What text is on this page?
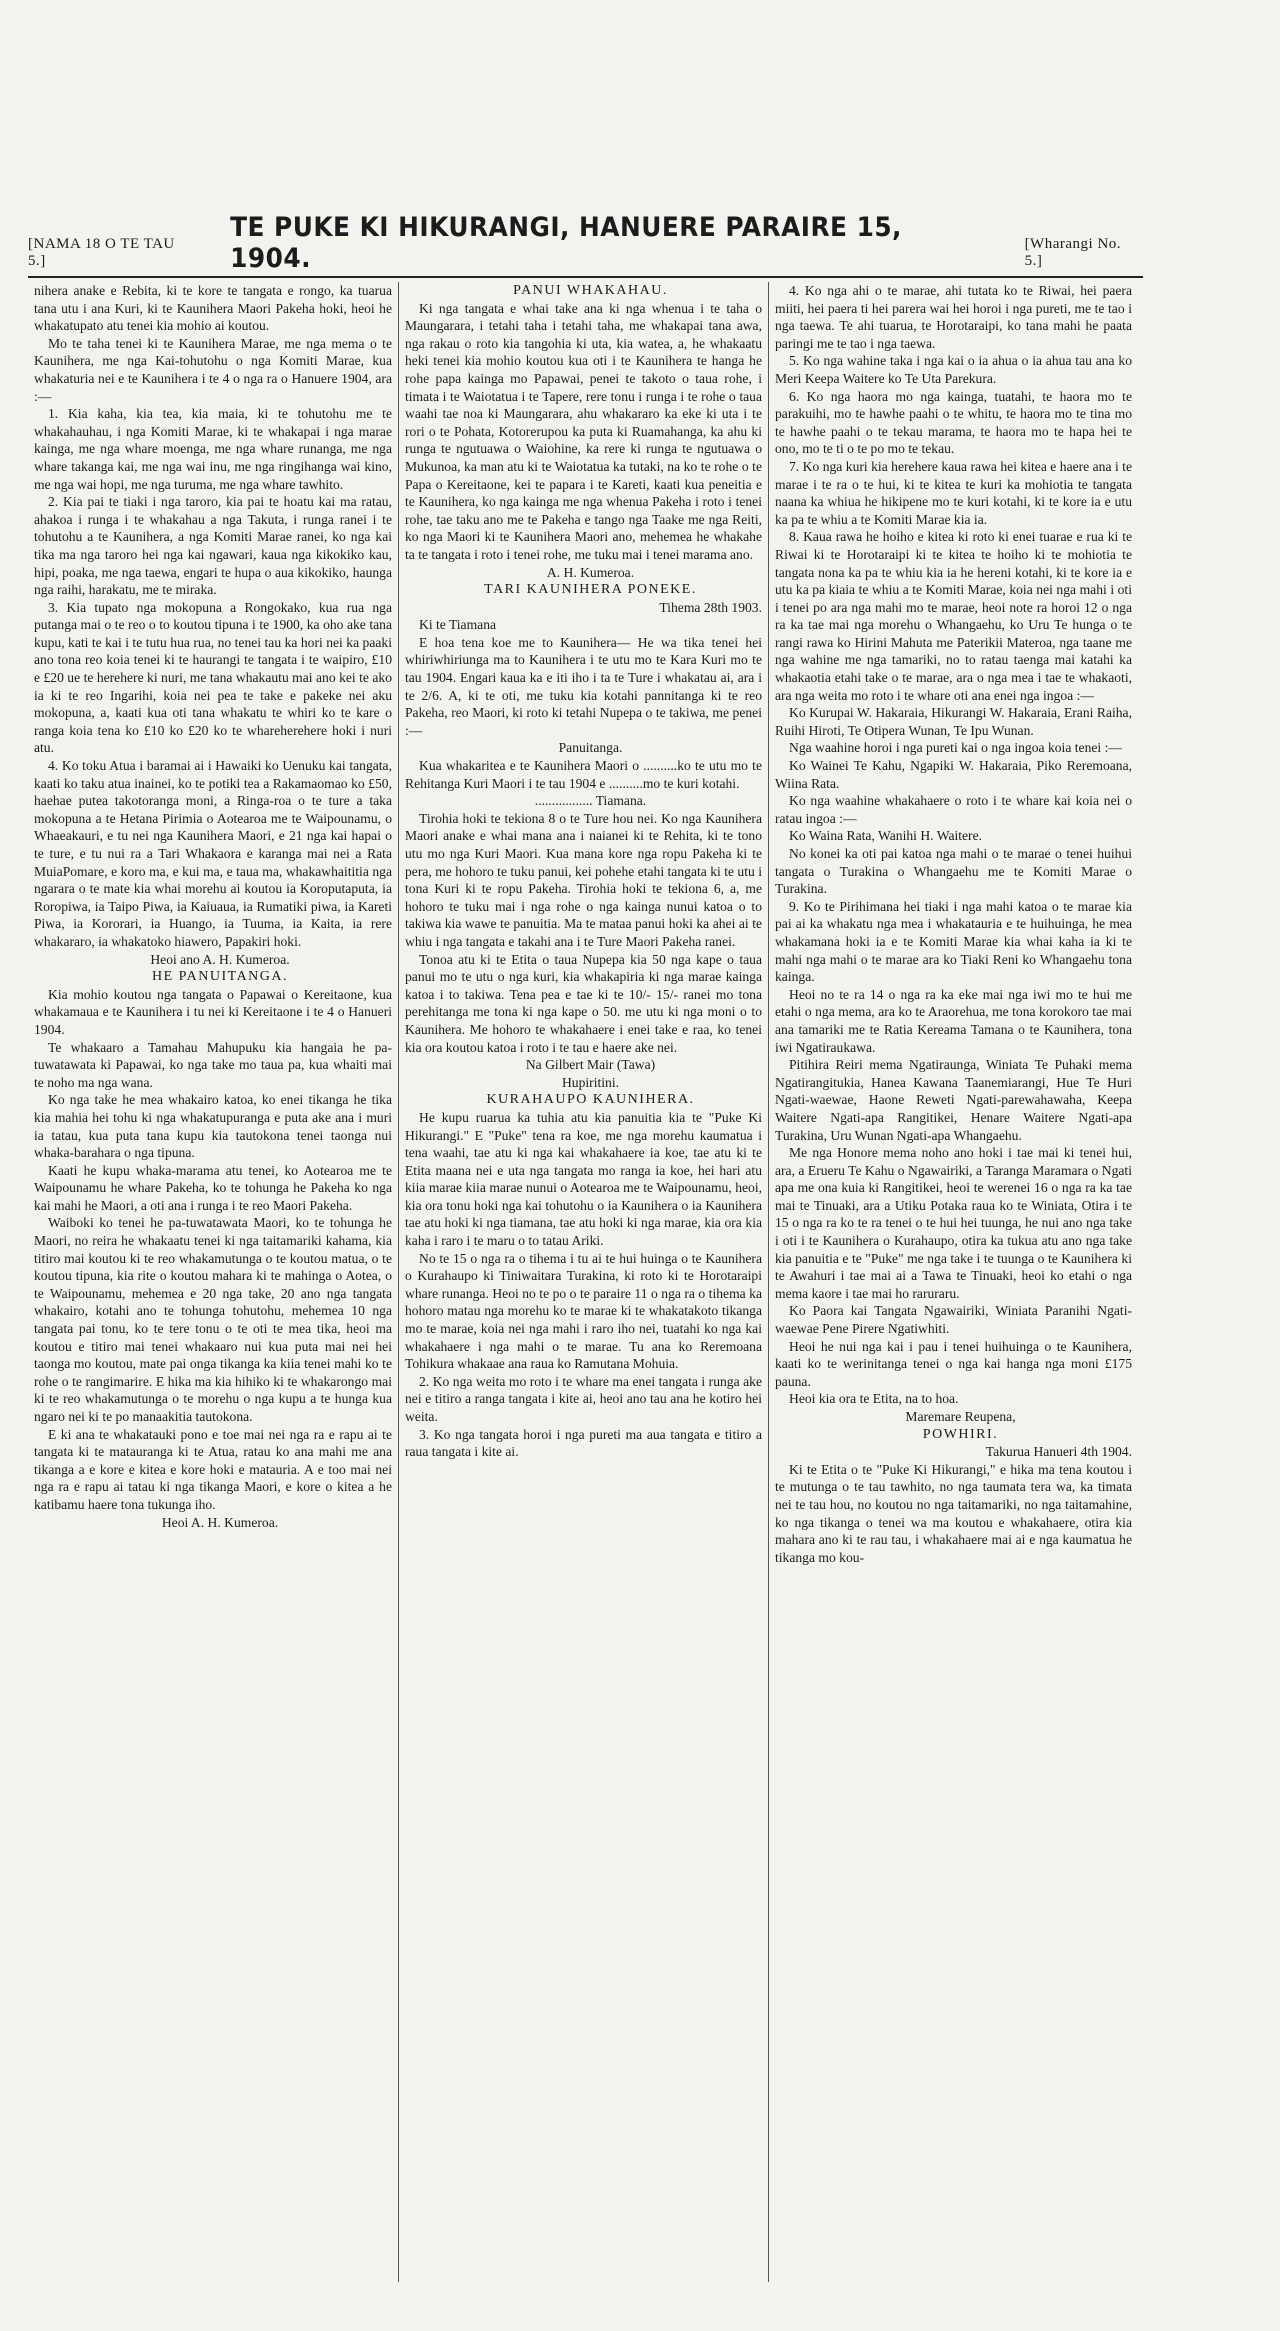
[NAMA 18 O TE TAU 5.]
TE PUKE KI HIKURANGI, HANUERE PARAIRE 15, 1904.	[Wharangi No. 5.]

nihera anake e Rebita, ki te kore te tangata e rongo, ka tuarua tana utu i ana Kuri, ki te Kaunihera Maori Pakeha hoki, heoi he whakatupato atu tenei kia mohio ai koutou.

Mo te taha tenei ki te Kaunihera Marae, me nga mema o te Kaunihera, me nga Kai-tohutohu o nga Komiti Marae, kua whakaturia nei e te Kaunihera i te 4 o nga ra o Hanuere 1904, ara :—

1. Kia kaha, kia tea, kia maia, ki te tohutohu me te whakahauhau, i nga Komiti Marae, ki te whakapai i nga marae kainga, me nga whare moenga, me nga whare runanga, me nga whare takanga kai, me nga wai inu, me nga ringihanga wai kino, me nga wai hopi, me nga turuma, me nga whare tawhito.

2. Kia pai te tiaki i nga taroro, kia pai te hoatu kai ma ratau, ahakoa i runga i te whakahau a nga Takuta, i runga ranei i te tohutohu a te Kaunihera, a nga Komiti Marae ranei, ko nga kai tika ma nga taroro hei nga kai ngawari, kaua nga kikokiko kau, hipi, poaka, me nga taewa, engari te hupa o aua kikokiko, haunga nga raihi, harakatu, me te miraka.

3. Kia tupato nga mokopuna a Rongokako, kua rua nga putanga mai o te reo o to koutou tipuna i te 1900, ka oho ake tana kupu, kati te kai i te tutu hua rua, no tenei tau ka hori nei ka paaki ano tona reo koia tenei ki te haurangi te tangata i te waipiro, £10 e £20 ue te herehere ki nuri, me tana whakautu mai ano kei te ako ia ki te reo Ingarihi, koia nei pea te take e pakeke nei aku mokopuna, a, kaati kua oti tana whakatu te whiri ko te kare o ranga koia tena ko £10 ko £20 ko te whareherehere hoki i nuri atu.

4. Ko toku Atua i baramai ai i Hawaiki ko Uenuku kai tangata, kaati ko taku atua inainei, ko te potiki tea a Rakamaomao ko £50, haehae putea takotoranga moni, a Ringa-roa o te ture a taka mokopuna a te Hetana Pirimia o Aotearoa me te Waipounamu, o Whaeakauri, e tu nei nga Kaunihera Maori, e 21 nga kai hapai o te ture, e tu nui ra a Tari Whakaora e karanga mai nei a Rata MuiaPomare, e koro ma, e kui ma, e taua ma, whakawhaititia nga ngarara o te mate kia whai morehu ai koutou ia Koroputaputa, ia Roropiwa, ia Taipo Piwa, ia Kaiuaua, ia Rumatiki piwa, ia Kareti Piwa, ia Kororari, ia Huango, ia Tuuma, ia Kaita, ia rere whakararo, ia whakatoko hiawero, Papakiri hoki.

Heoi ano A. H. Kumeroa.

HE PANUITANGA.

Kia mohio koutou nga tangata o Papawai o Kereitaone, kua whakamaua e te Kaunihera i tu nei ki Kereitaone i te 4 o Hanueri 1904.

Te whakaaro a Tamahau Mahupuku kia hangaia he pa-tuwatawata ki Papawai, ko nga take mo taua pa, kua whaiti mai te noho ma nga wana.

Ko nga take he mea whakairo katoa, ko enei tikanga he tika kia mahia hei tohu ki nga whakatupuranga e puta ake ana i muri ia tatau, kua puta tana kupu kia tautokona tenei taonga nui whaka-barahara o nga tipuna.

Kaati he kupu whaka-marama atu tenei, ko Aotearoa me te Waipounamu he whare Pakeha, ko te tohunga he Pakeha ko nga kai mahi he Maori, a oti ana i runga i te reo Maori Pakeha.

Waiboki ko tenei he pa-tuwatawata Maori, ko te tohunga he Maori, no reira he whakaatu tenei ki nga taitamariki kahama, kia titiro mai koutou ki te reo whakamutunga o te koutou matua, o te koutou tipuna, kia rite o koutou mahara ki te mahinga o Aotea, o te Waipounamu, mehemea e 20 nga take, 20 ano nga tangata whakairo, kotahi ano te tohunga tohutohu, mehemea 10 nga tangata pai tonu, ko te tere tonu o te oti te mea tika, heoi ma koutou e titiro mai tenei whakaaro nui kua puta mai nei hei taonga mo koutou, mate pai onga tikanga ka kiia tenei mahi ko te rohe o te rangimarire. E hika ma kia hihiko ki te whakarongo mai ki te reo whakamutunga o te morehu o nga kupu a te hunga kua ngaro nei ki te po manaakitia tautokona.

E ki ana te whakatauki pono e toe mai nei nga ra e rapu ai te tangata ki te matauranga ki te Atua, ratau ko ana mahi me ana tikanga a e kore e kitea e kore hoki e matauria. A e too mai nei nga ra e rapu ai tatau ki nga tikanga Maori, e kore o kitea a he katibamu haere tona tukunga iho.

Heoi A. H. Kumeroa.

PANUI WHAKAHAU.

Ki nga tangata e whai take ana ki nga whenua i te taha o Maungarara, i tetahi taha i tetahi taha, me whakapai tana awa, nga rakau o roto kia tangohia ki uta, kia watea, a, he whakaatu heki tenei kia mohio koutou kua oti i te Kaunihera te hanga he rohe papa kainga mo Papawai, penei te takoto o taua rohe, i timata i te Waiotatua i te Tapere, rere tonu i runga i te rohe o taua waahi tae noa ki Maungarara, ahu whakararo ka eke ki uta i te rori o te Pohata, Kotorerupou ka puta ki Ruamahanga, ka ahu ki runga te ngutuawa o Waiohine, ka rere ki runga te ngutuawa o Mukunoa, ka man atu ki te Waiotatua ka tutaki, na ko te rohe o te Papa o Kereitaone, kei te papara i te Kareti, kaati kua peneitia e te Kaunihera, ko nga kainga me nga whenua Pakeha i roto i tenei rohe, tae taku ano me te Pakeha e tango nga Taake me nga Reiti, ko nga Maori ki te Kaunihera Maori ano, mehemea he whakahe ta te tangata i roto i tenei rohe, me tuku mai i tenei marama ano.

A. H. Kumeroa.

TARI KAUNIHERA PONEKE.

Tihema 28th 1903.

Ki te Tiamana

E hoa tena koe me to Kaunihera— He wa tika tenei hei whiriwhiriunga ma to Kaunihera i te utu mo te Kara Kuri mo te tau 1904. Engari kaua ka e iti iho i ta te Ture i whakatau ai, ara i te 2/6. A, ki te oti, me tuku kia kotahi pannitanga ki te reo Pakeha, reo Maori, ki roto ki tetahi Nupepa o te takiwa, me penei :—

Panuitanga.

Kua whakaritea e te Kaunihera Maori o ..........ko te utu mo te Rehitanga Kuri Maori i te tau 1904 e ..........mo te kuri kotahi.

................. Tiamana.

Tirohia hoki te tekiona 8 o te Ture hou nei. Ko nga Kaunihera Maori anake e whai mana ana i naianei ki te Rehita, ki te tono utu mo nga Kuri Maori. Kua mana kore nga ropu Pakeha ki te pera, me hohoro te tuku panui, kei pohehe etahi tangata ki te utu i tona Kuri ki te ropu Pakeha. Tirohia hoki te tekiona 6, a, me hohoro te tuku mai i nga rohe o nga kainga nunui katoa o to takiwa kia wawe te panuitia. Ma te mataa panui hoki ka ahei ai te whiu i nga tangata e takahi ana i te Ture Maori Pakeha ranei.

Tonoa atu ki te Etita o taua Nupepa kia 50 nga kape o taua panui mo te utu o nga kuri, kia whakapiria ki nga marae kainga katoa i to takiwa. Tena pea e tae ki te 10/- 15/- ranei mo tona perehitanga me tona ki nga kape o 50. me utu ki nga moni o to Kaunihera. Me hohoro te whakahaere i enei take e raa, ko tenei kia ora koutou katoa i roto i te tau e haere ake nei.

Na Gilbert Mair (Tawa)

Hupiritini.

KURAHAUPO KAUNIHERA.

He kupu ruarua ka tuhia atu kia panuitia kia te "Puke Ki Hikurangi." E "Puke" tena ra koe, me nga morehu kaumatua i tena waahi, tae atu ki nga kai whakahaere ia koe, tae atu ki te Etita maana nei e uta nga tangata mo ranga ia koe, hei hari atu kiia marae kiia marae nunui o Aotearoa me te Waipounamu, heoi, kia ora tonu hoki nga kai tohutohu o ia Kaunihera o ia Kaunihera tae atu hoki ki nga tiamana, tae atu hoki ki nga marae, kia ora kia kaha i raro i te maru o to tatau Ariki.

No te 15 o nga ra o tihema i tu ai te hui huinga o te Kaunihera o Kurahaupo ki Tiniwaitara Turakina, ki roto ki te Horotaraipi whare runanga. Heoi no te po o te paraire 11 o nga ra o tihema ka hohoro matau nga morehu ko te marae ki te whakatakoto tikanga mo te marae, koia nei nga mahi i raro iho nei, tuatahi ko nga kai whakahaere i nga mahi o te marae. Tu ana ko Reremoana Tohikura whakaae ana raua ko Ramutana Mohuia.

2. Ko nga weita mo roto i te whare ma enei tangata i runga ake nei e titiro a ranga tangata i kite ai, heoi ano tau ana he kotiro hei weita.

3. Ko nga tangata horoi i nga pureti ma aua tangata e titiro a raua tangata i kite ai.

4. Ko nga ahi o te marae, ahi tutata ko te Riwai, hei paera miiti, hei paera ti hei parera wai hei horoi i nga pureti, me te tao i nga taewa. Te ahi tuarua, te Horotaraipi, ko tana mahi he paata paringi me te tao i nga taewa.

5. Ko nga wahine taka i nga kai o ia ahua o ia ahua tau ana ko Meri Keepa Waitere ko Te Uta Parekura.

6. Ko nga haora mo nga kainga, tuatahi, te haora mo te parakuihi, mo te hawhe paahi o te whitu, te haora mo te tina mo te hawhe paahi o te tekau marama, te haora mo te hapa hei te ono, mo te ti o te po mo te tekau.

7. Ko nga kuri kia herehere kaua rawa hei kitea e haere ana i te marae i te ra o te hui, ki te kitea te kuri ka mohiotia te tangata naana ka whiua he hikipene mo te kuri kotahi, ki te kore ia e utu ka pa te whiu a te Komiti Marae kia ia.

8. Kaua rawa he hoiho e kitea ki roto ki enei tuarae e rua ki te Riwai ki te Horotaraipi ki te kitea te hoiho ki te mohiotia te tangata nona ka pa te whiu kia ia he hereni kotahi, ki te kore ia e utu ka pa kiaia te whiu a te Komiti Marae, koia nei nga mahi i oti i tenei po ara nga mahi mo te marae, heoi note ra horoi 12 o nga ra ka tae mai nga morehu o Whangaehu, ko Uru Te hunga o te rangi rawa ko Hirini Mahuta me Paterikii Materoa, nga taane me nga wahine me nga tamariki, no to ratau taenga mai katahi ka whakaotia etahi take o te marae, ara o nga mea i tae te whakaoti, ara nga weita mo roto i te whare oti ana enei nga ingoa :—

Ko Kurupai W. Hakaraia, Hikurangi W. Hakaraia, Erani Raiha, Ruihi Hiroti, Te Otipera Wunan, Te Ipu Wunan.

Nga waahine horoi i nga pureti kai o nga ingoa koia tenei :—

Ko Wainei Te Kahu, Ngapiki W. Hakaraia, Piko Reremoana, Wiina Rata.

Ko nga waahine whakahaere o roto i te whare kai koia nei o ratau ingoa :—

Ko Waina Rata, Wanihi H. Waitere.

No konei ka oti pai katoa nga mahi o te marae o tenei huihui tangata o Turakina o Whangaehu me te Komiti Marae o Turakina.

9. Ko te Pirihimana hei tiaki i nga mahi katoa o te marae kia pai ai ka whakatu nga mea i whakatauria e te huihuinga, he mea whakamana hoki ia e te Komiti Marae kia whai kaha ia ki te mahi nga mahi o te marae ara ko Tiaki Reni ko Whangaehu tona kainga.

Heoi no te ra 14 o nga ra ka eke mai nga iwi mo te hui me etahi o nga mema, ara ko te Araorehua, me tona korokoro tae mai ana tamariki me te Ratia Kereama Tamana o te Kaunihera, tona iwi Ngatiraukawa.

Pitihira Reiri mema Ngatiraunga, Winiata Te Puhaki mema Ngatirangitukia, Hanea Kawana Taanemiarangi, Hue Te Huri Ngati-waewae, Haone Reweti Ngati-parewahawaha, Keepa Waitere Ngati-apa Rangitikei, Henare Waitere Ngati-apa Turakina, Uru Wunan Ngati-apa Whangaehu.

Me nga Honore mema noho ano hoki i tae mai ki tenei hui, ara, a Erueru Te Kahu o Ngawairiki, a Taranga Maramara o Ngati apa me ona kuia ki Rangitikei, heoi te werenei 16 o nga ra ka tae mai te Tinuaki, ara a Utiku Potaka raua ko te Winiata, Otira i te 15 o nga ra ko te ra tenei o te hui hei tuunga, he nui ano nga take i oti i te Kaunihera o Kurahaupo, otira ka tukua atu ano nga take kia panuitia e te "Puke" me nga take i te tuunga o te Kaunihera ki te Awahuri i tae mai ai a Tawa te Tinuaki, heoi ko etahi o nga mema kaore i tae mai ho raruraru.

Ko Paora kai Tangata Ngawairiki, Winiata Paranihi Ngati-waewae Pene Pirere Ngatiwhiti.

Heoi he nui nga kai i pau i tenei huihuinga o te Kaunihera, kaati ko te werinitanga tenei o nga kai hanga nga moni £175 pauna.

Heoi kia ora te Etita, na to hoa.

Maremare Reupena,

POWHIRI.

Takurua Hanueri 4th 1904.

Ki te Etita o te "Puke Ki Hikurangi," e hika ma tena koutou i te mutunga o te tau tawhito, no nga taumata tera wa, ka timata nei te tau hou, no koutou no nga taitamariki, no nga taitamahine, ko nga tikanga o tenei wa ma koutou e whakahaere, otira kia mahara ano ki te rau tau, i whakahaere mai ai e nga kaumatua he tikanga mo kou-
